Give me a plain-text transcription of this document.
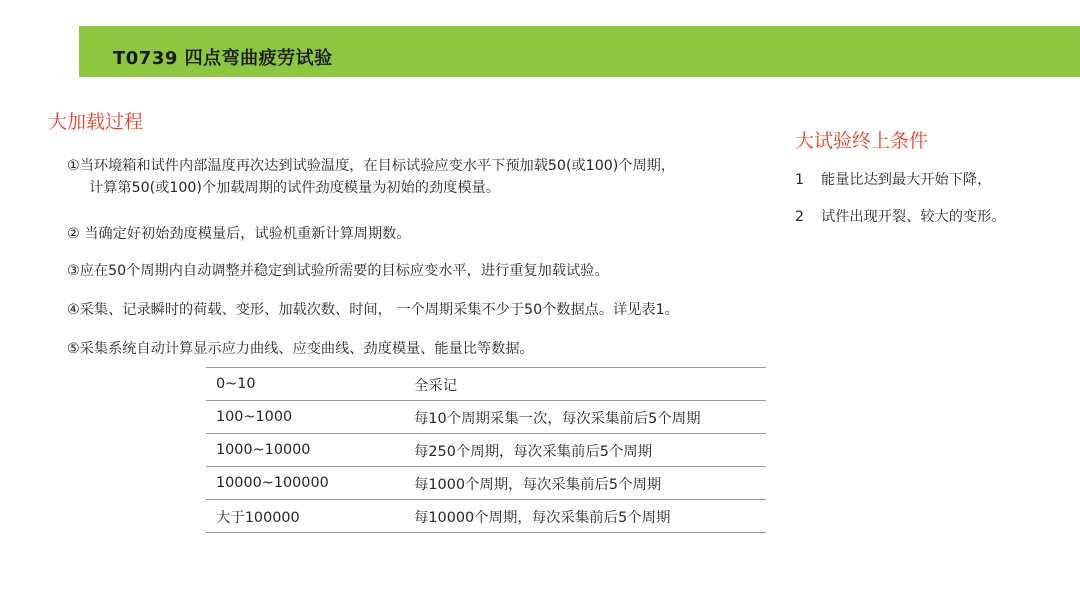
T0739 四点弯曲疲劳试验
大加载过程
①当环境箱和试件内部温度再次达到试验温度，在目标试验应变水平下预加载50(或100)个周期，
计算第50(或100)个加载周期的试件劲度模量为初始的劲度模量。
② 当确定好初始劲度模量后，试验机重新计算周期数。
③应在50个周期内自动调整并稳定到试验所需要的目标应变水平，进行重复加载试验。
④采集、记录瞬时的荷载、变形、加载次数、时间， 一个周期采集不少于50个数据点。详见表1。
⑤采集系统自动计算显示应力曲线、应变曲线、劲度模量、能量比等数据。
0~10	全采记
100~1000	每10个周期采集一次，每次采集前后5个周期
1000~10000	每250个周期，每次采集前后5个周期
10000~100000	每1000个周期，每次采集前后5个周期
大于100000	每10000个周期，每次采集前后5个周期
大试验终上条件
1 能量比达到最大开始下降，
2 试件出现开裂、较大的变形。
